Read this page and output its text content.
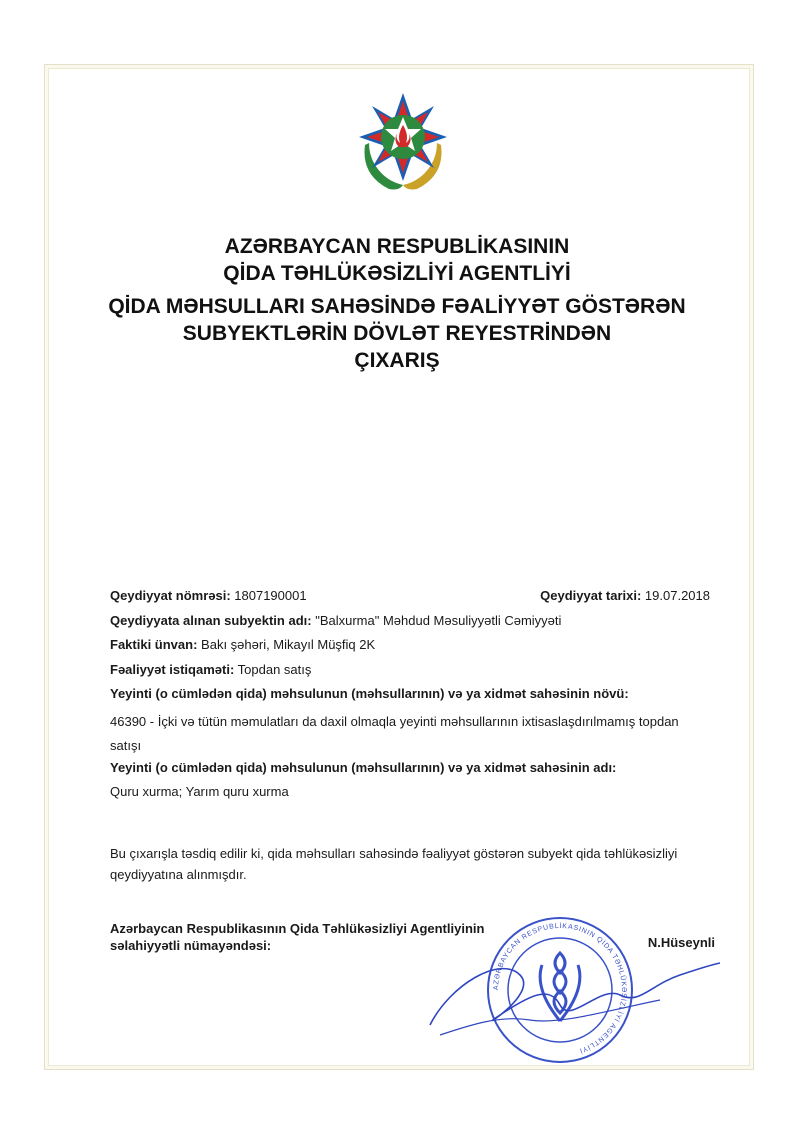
AZƏRBAYCAN RESPUBLİKASININ
QİDA TƏHLÜKƏSİZLİYİ AGENTLİYİ
QİDA MƏHSULLARI SAHƏSİNDƏ FƏALİYYƏT GÖSTƏRƏN
SUBYEKTLƏRİN DÖVLƏT REYESTRİNDƏN
ÇIXARIŞ
Qeydiyyat nömrəsi: 1807190001	Qeydiyyat tarixi: 19.07.2018
Qeydiyyata alınan subyektin adı: "Balxurma" Məhdud Məsuliyyətli Cəmiyyəti
Faktiki ünvan: Bakı şəhəri, Mikayıl Müşfiq 2K
Fəaliyyət istiqaməti: Topdan satış
Yeyinti (o cümlədən qida) məhsulunun (məhsullarının) və ya xidmət sahəsinin növü:
46390 - İçki və tütün məmulatları da daxil olmaqla yeyinti məhsullarının ixtisaslaşdırılmamış topdan satışı
Yeyinti (o cümlədən qida) məhsulunun (məhsullarının) və ya xidmət sahəsinin adı:
Quru xurma; Yarım quru xurma
Bu çıxarışla təsdiq edilir ki, qida məhsulları sahəsində fəaliyyət göstərən subyekt qida təhlükəsizliyi qeydiyyatına alınmışdır.
Azərbaycan Respublikasının Qida Təhlükəsizliyi Agentliyinin
səlahiyyətli nümayəndəsi:	N.Hüseynli
AZƏRBAYCAN RESPUBLİKASININ QİDA TƏHLÜKƏSİZLİYİ AGENTLİYİ
